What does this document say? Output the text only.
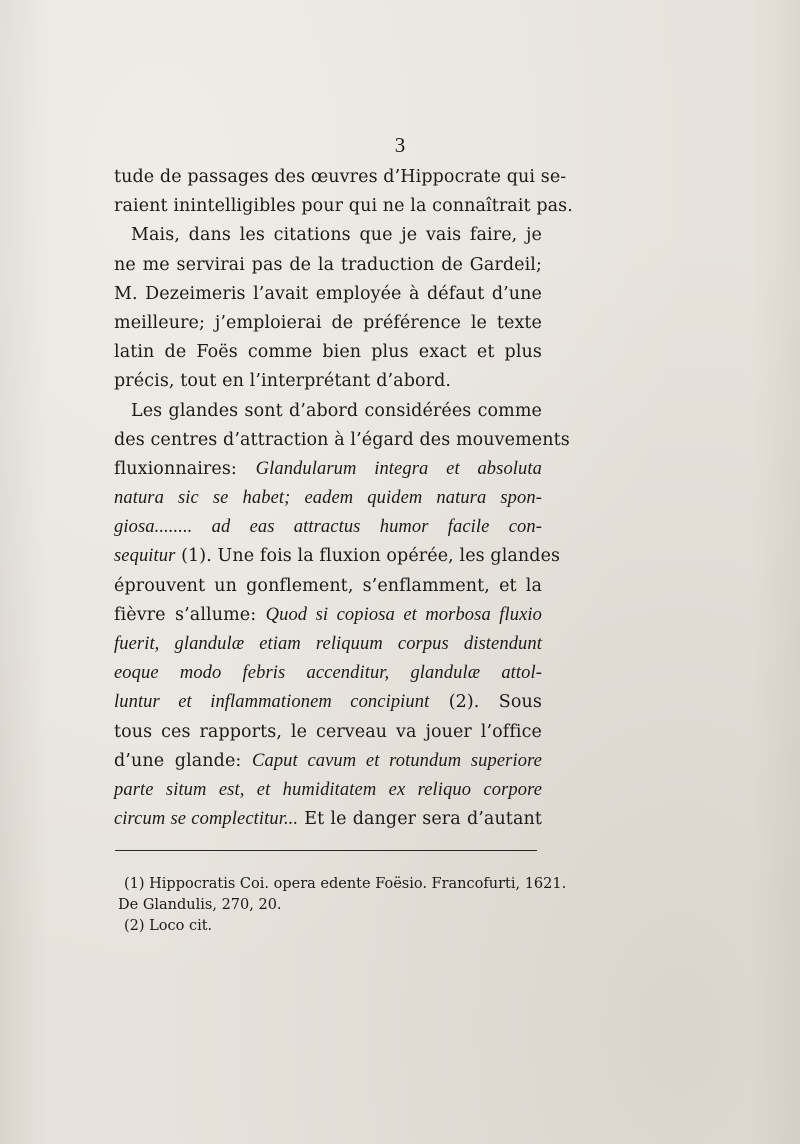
3
tude de passages des œuvres d’Hippocrate qui se-
raient inintelligibles pour qui ne la connaîtrait pas.
Mais, dans les citations que je vais faire, je
ne me servirai pas de la traduction de Gardeil;
M. Dezeimeris l’avait employée à défaut d’une
meilleure; j’emploierai de préférence le texte
latin de Foës comme bien plus exact et plus
précis, tout en l’interprétant d’abord.
Les glandes sont d’abord considérées comme
des centres d’attraction à l’égard des mouvements
fluxionnaires: Glandularum integra et absoluta
natura sic se habet; eadem quidem natura spon-
giosa........ ad eas attractus humor facile con-
sequitur (1). Une fois la fluxion opérée, les glandes
éprouvent un gonflement, s’enflamment, et la
fièvre s’allume: Quod si copiosa et morbosa fluxio
fuerit, glandulæ etiam reliquum corpus distendunt
eoque modo febris accenditur, glandulæ attol-
luntur et inflammationem concipiunt (2). Sous
tous ces rapports, le cerveau va jouer l’office
d’une glande: Caput cavum et rotundum superiore
parte situm est, et humiditatem ex reliquo corpore
circum se complectitur... Et le danger sera d’autant
(1) Hippocratis Coi. opera edente Foësio. Francofurti, 1621.
De Glandulis, 270, 20.
(2) Loco cit.
